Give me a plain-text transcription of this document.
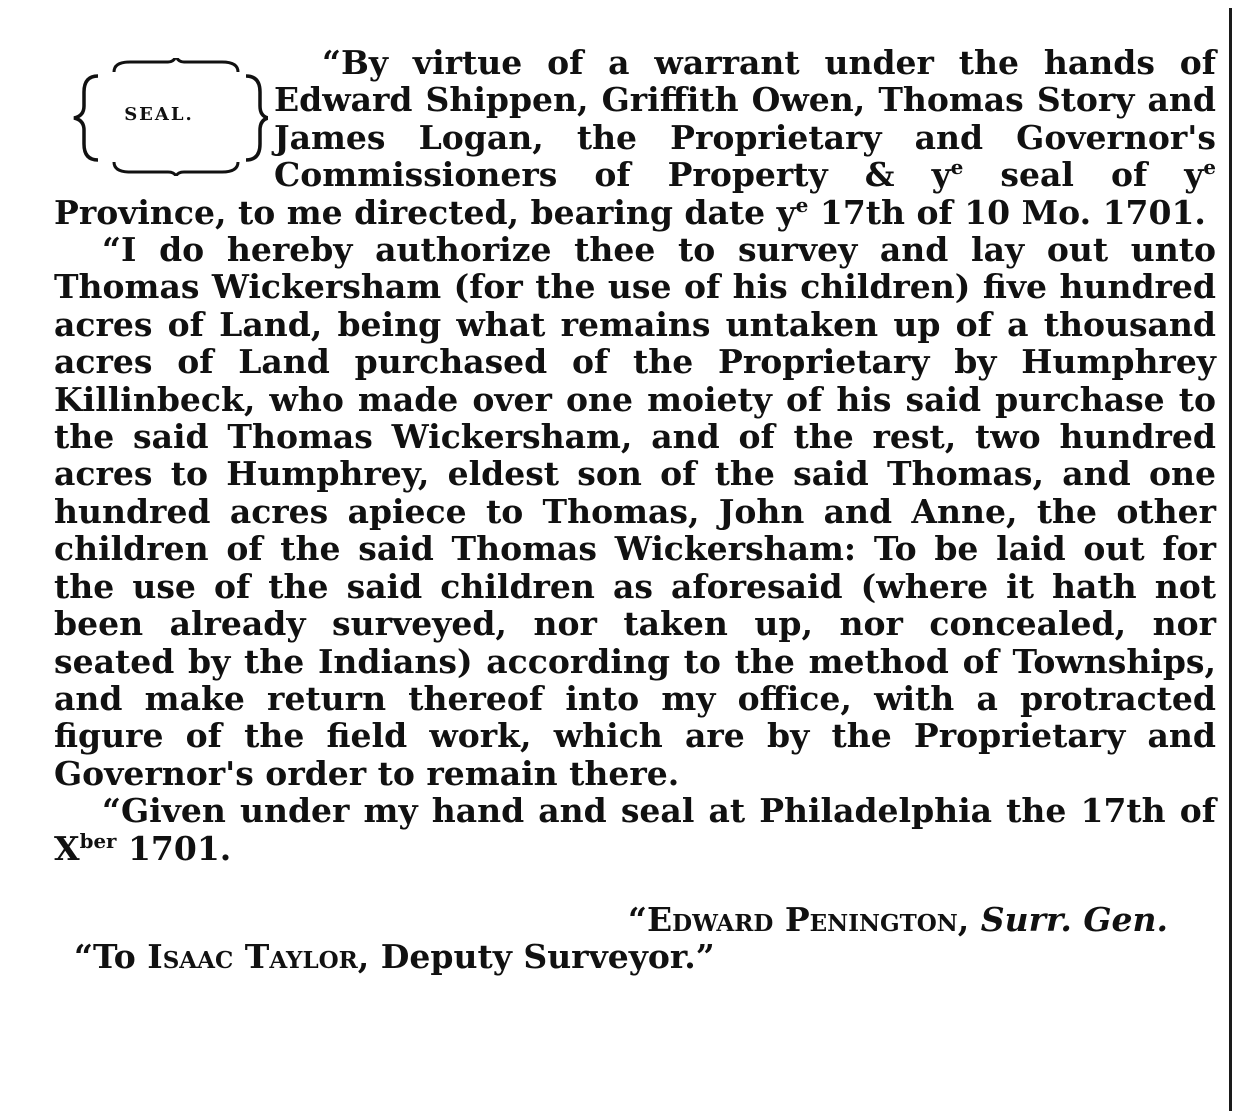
SEAL.

“By virtue of a warrant under the hands of Edward Shippen, Griffith Owen, Thomas Story and James Logan, the Proprietary and Governor's Commissioners of Property & $y^e$ seal of $y^e$ Province, to me directed, bearing date $y^e$ 17th of 10 Mo. 1701.

“I do hereby authorize thee to survey and lay out unto Thomas Wickersham (for the use of his children) five hundred acres of Land, being what remains untaken up of a thousand acres of Land purchased of the Proprietary by Humphrey Killinbeck, who made over one moiety of his said purchase to the said Thomas Wickersham, and of the rest, two hundred acres to Humphrey, eldest son of the said Thomas, and one hundred acres apiece to Thomas, John and Anne, the other children of the said Thomas Wickersham: To be laid out for the use of the said children as aforesaid (where it hath not been already surveyed, nor taken up, nor concealed, nor seated by the Indians) according to the method of Townships, and make return thereof into my office, with a protracted figure of the field work, which are by the Proprietary and Governor's order to remain there.

“Given under my hand and seal at Philadelphia the 17th of $X^{ber}$ 1701.

“Edward Penington, Surr. Gen.

“To Isaac Taylor, Deputy Surveyor.”
